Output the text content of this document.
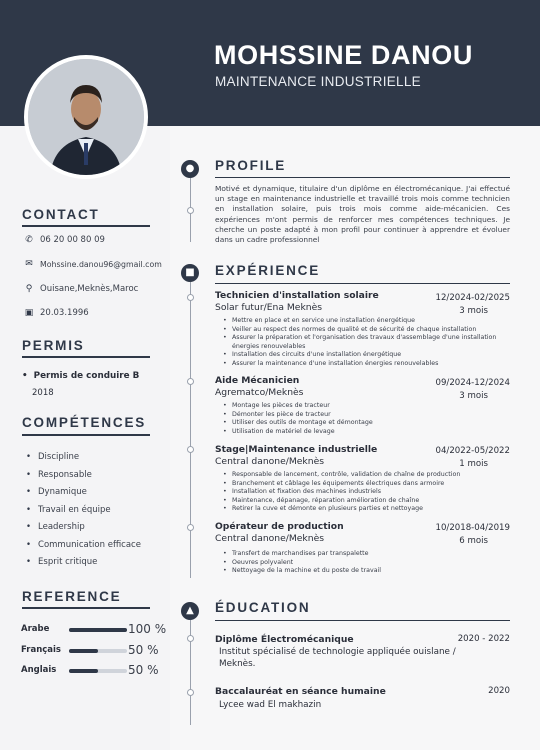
MOHSSINE DANOU
MAINTENANCE INDUSTRIELLE
CONTACT
✆ 06 20 00 80 09
✉ Mohssine.danou96@gmail.com
⚲ Ouisane,Meknès,Maroc
▣ 20.03.1996
PERMIS
• Permis de conduire B
2018
COMPÉTENCES
• Discipline
• Responsable
• Dynamique
• Travail en équipe
• Leadership
• Communication efficace
• Esprit critique
REFERENCE
Arabe	100 %
Français	50 %
Anglais	50 %
●
■
▲
PROFILE
Motivé et dynamique, titulaire d'un diplôme en électromécanique. J'ai effectué un stage en maintenance industrielle et travaillé trois mois comme technicien en installation solaire, puis trois mois comme aide-mécanicien. Ces expériences m'ont permis de renforcer mes compétences techniques. Je cherche un poste adapté à mon profil pour continuer à apprendre et évoluer dans un cadre professionnel
EXPÉRIENCE
Technicien d'installation solaire
Solar futur/Ena Meknès
12/2024-02/2025
3 mois
• Mettre en place et en service une installation énergétique
• Veiller au respect des normes de qualité et de sécurité de chaque installation
• Assurer la préparation et l'organisation des travaux d'assemblage d'une installation énergies renouvelables
• Installation des circuits d'une installation énergétique
• Assurer la maintenance d'une installation énergies renouvelables
Aide Mécanicien
Agrematco/Meknès
09/2024-12/2024
3 mois
• Montage les pièces de tracteur
• Démonter les pièce de tracteur
• Utiliser des outils de montage et démontage
• Utilisation de matériel de levage
Stage|Maintenance industrielle
Central danone/Meknès
04/2022-05/2022
1 mois
• Responsable de lancement, contrôle, validation de chaîne de production
• Branchement et câblage les équipements électriques dans armoire
• Installation et fixation des machines industriels
• Maintenance, dépanage, réparation amélioration de chaîne
• Retirer la cuve et démonte en plusieurs parties et nettoyage
Opérateur de production
Central danone/Meknès
10/2018-04/2019
6 mois
• Transfert de marchandises par transpalette
• Oeuvres polyvalent
• Nettoyage de la machine et du poste de travail
ÉDUCATION
Diplôme Électromécanique	2020 - 2022
Institut spécialisé de technologie appliquée ouislane / Meknès.
Baccalauréat en séance humaine	2020
Lycee wad El makhazin
